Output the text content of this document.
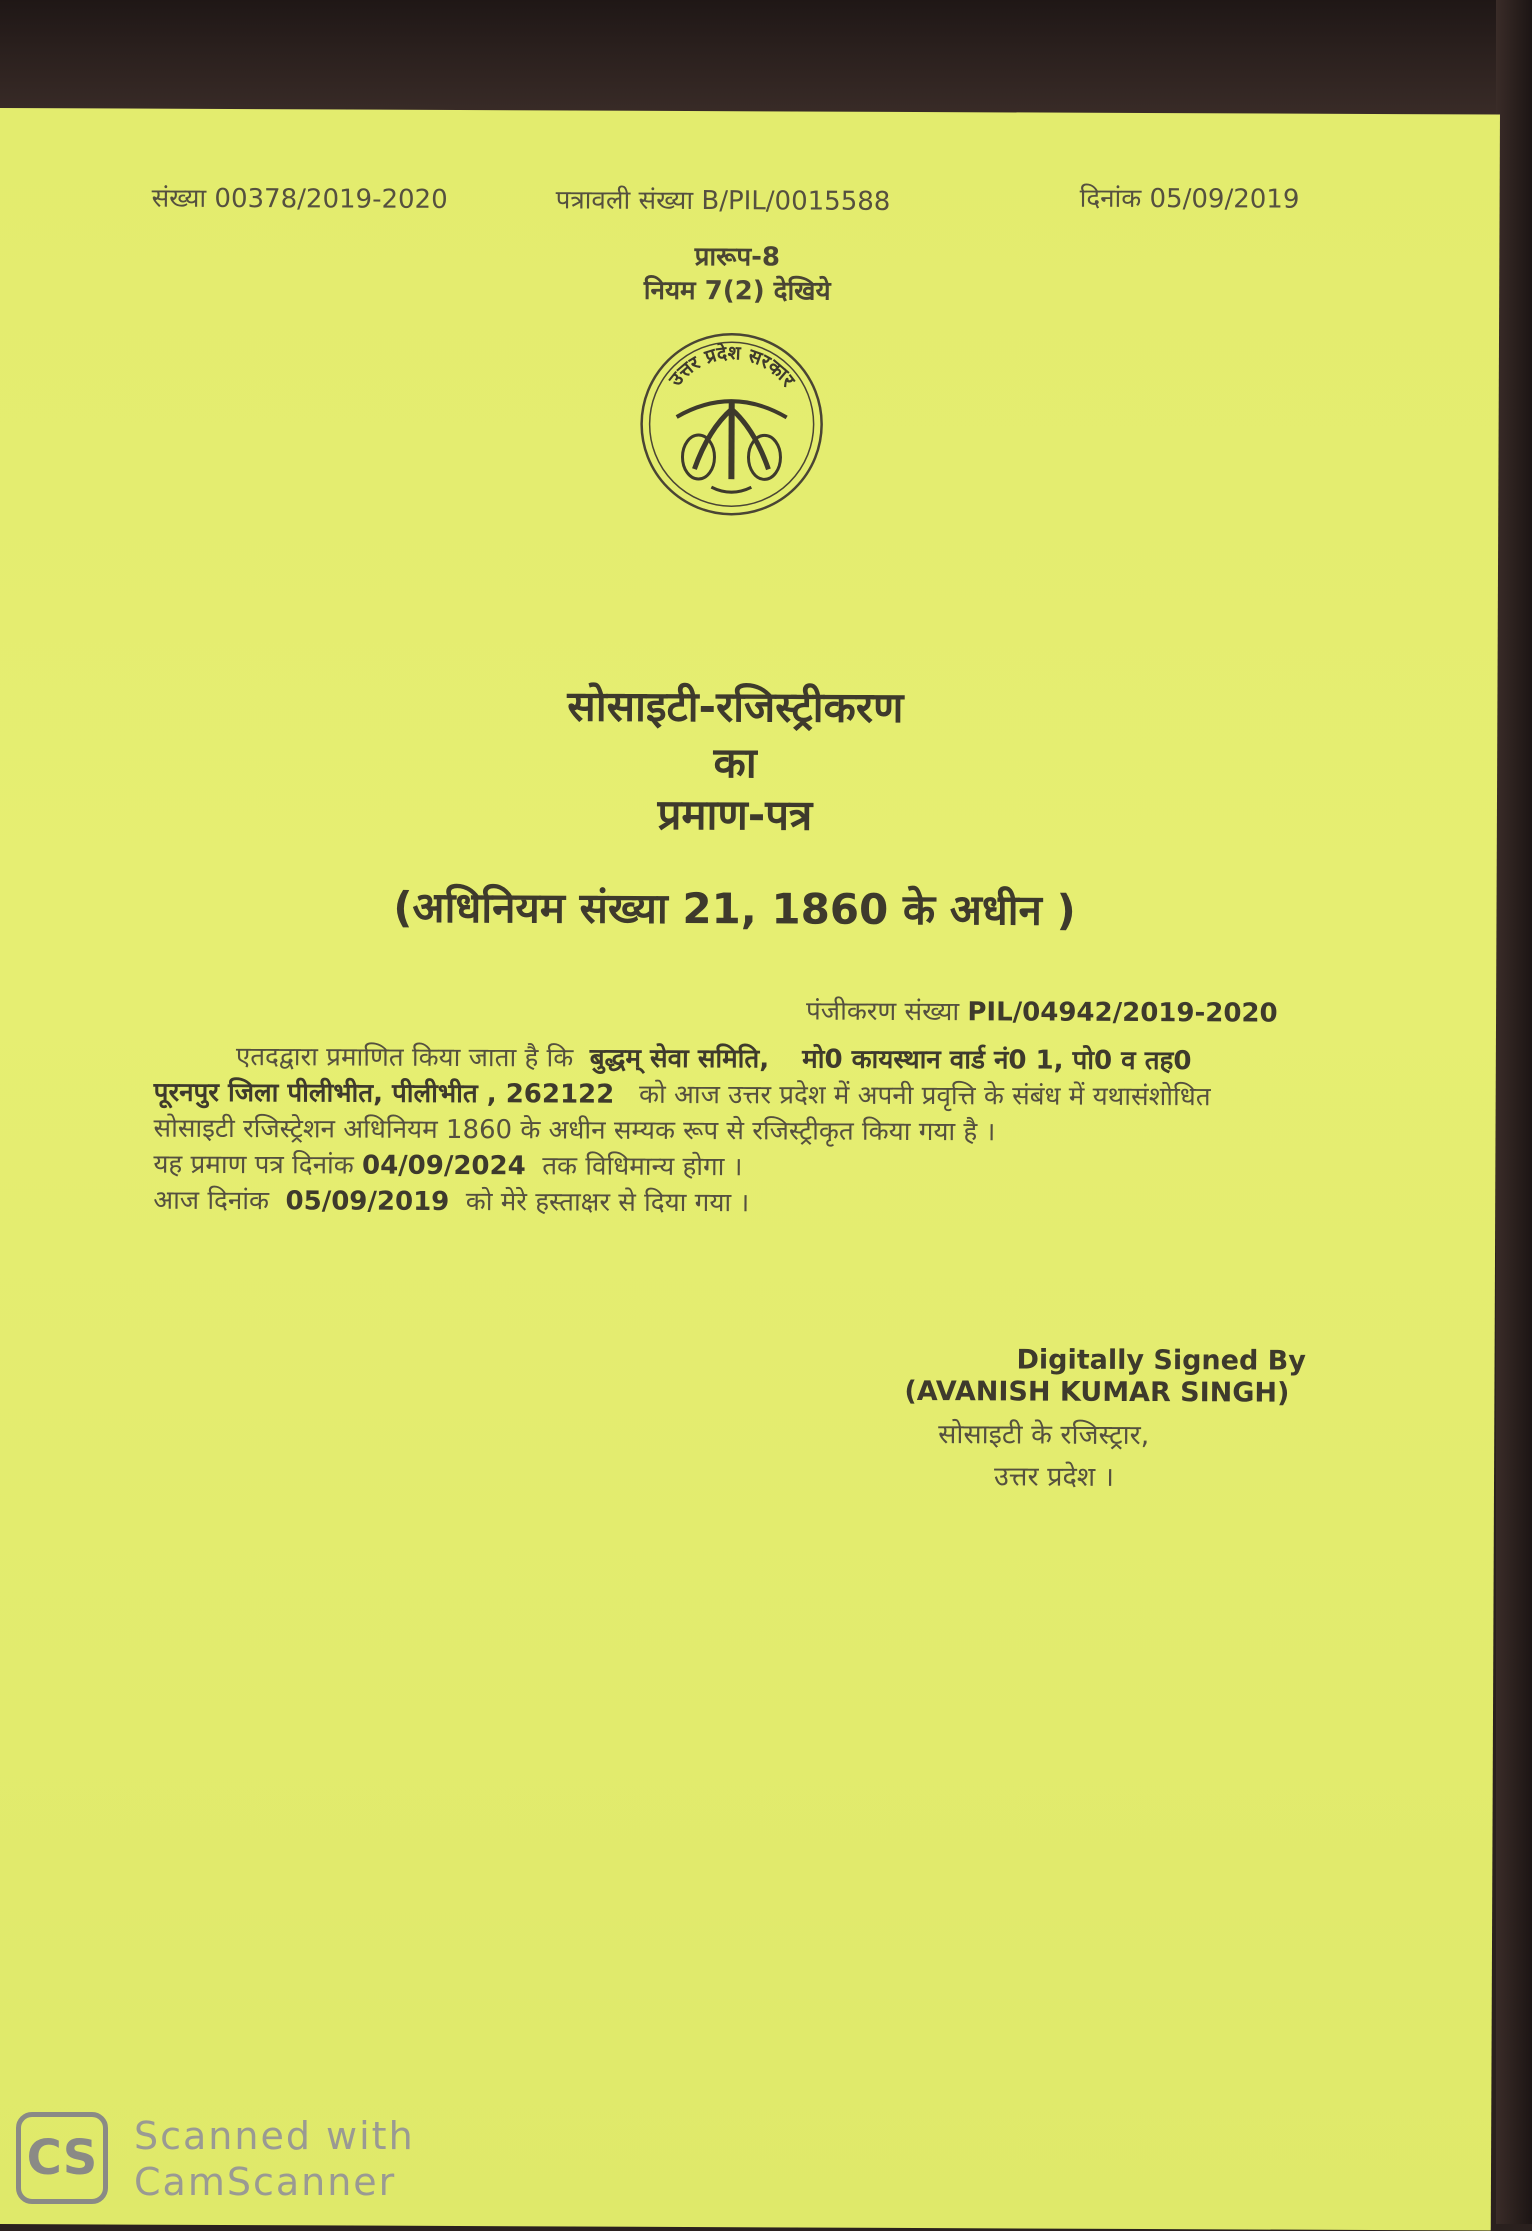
संख्या 00378/2019-2020	पत्रावली संख्या B/PIL/0015588	दिनांक 05/09/2019
प्रारूप-8
नियम 7(2) देखिये
उत्तर प्रदेश सरकार
सोसाइटी-रजिस्ट्रीकरण
का
प्रमाण-पत्र
(अधिनियम संख्या 21, 1860 के अधीन )
पंजीकरण संख्या PIL/04942/2019-2020
एतदद्वारा प्रमाणित किया जाता है कि बुद्धम् सेवा समिति, मो0 कायस्थान वार्ड नं0 1, पो0 व तह0
पूरनपुर जिला पीलीभीत, पीलीभीत , 262122 को आज उत्तर प्रदेश में अपनी प्रवृत्ति के संबंध में यथासंशोधित
सोसाइटी रजिस्ट्रेशन अधिनियम 1860 के अधीन सम्यक रूप से रजिस्ट्रीकृत किया गया है ।
यह प्रमाण पत्र दिनांक 04/09/2024 तक विधिमान्य होगा ।
आज दिनांक 05/09/2019 को मेरे हस्ताक्षर से दिया गया ।
Digitally Signed By
(AVANISH KUMAR SINGH)
सोसाइटी के रजिस्ट्रार,
उत्तर प्रदेश ।
CS Scanned with
CamScanner
